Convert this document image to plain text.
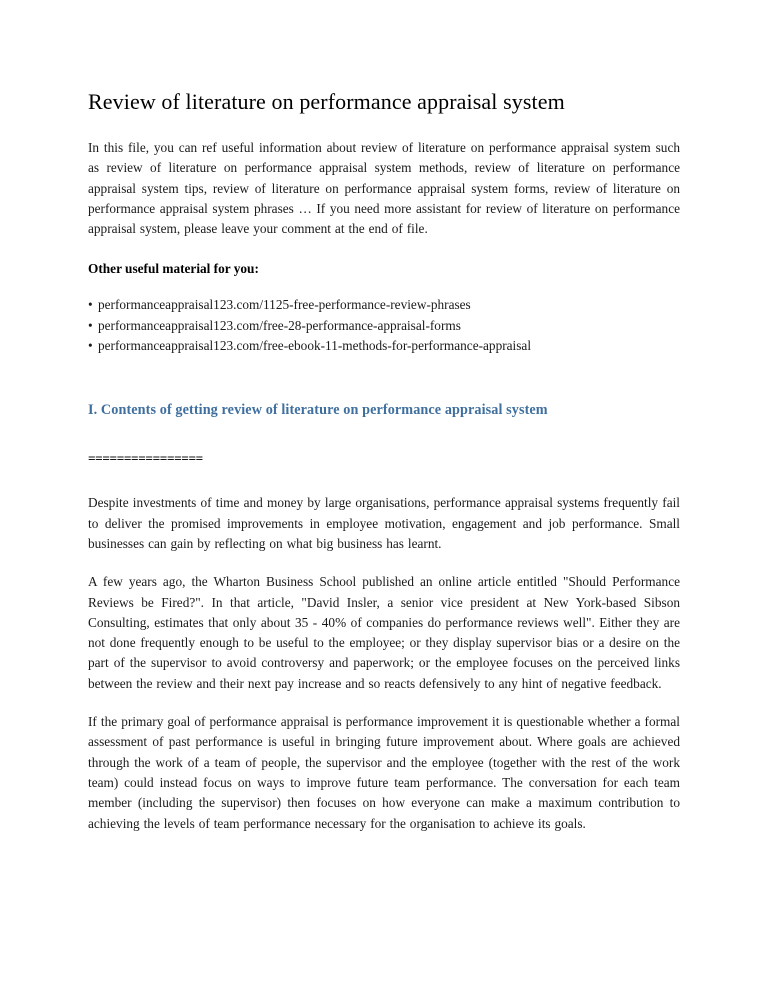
Review of literature on performance appraisal system

In this file, you can ref useful information about review of literature on performance appraisal system such as review of literature on performance appraisal system methods, review of literature on performance appraisal system tips, review of literature on performance appraisal system forms, review of literature on performance appraisal system phrases … If you need more assistant for review of literature on performance appraisal system, please leave your comment at the end of file.

Other useful material for you:
• performanceappraisal123.com/1125-free-performance-review-phrases
• performanceappraisal123.com/free-28-performance-appraisal-forms
• performanceappraisal123.com/free-ebook-11-methods-for-performance-appraisal
I. Contents of getting review of literature on performance appraisal system
================

Despite investments of time and money by large organisations, performance appraisal systems frequently fail to deliver the promised improvements in employee motivation, engagement and job performance. Small businesses can gain by reflecting on what big business has learnt.

A few years ago, the Wharton Business School published an online article entitled "Should Performance Reviews be Fired?". In that article, "David Insler, a senior vice president at New York-based Sibson Consulting, estimates that only about 35 - 40% of companies do performance reviews well". Either they are not done frequently enough to be useful to the employee; or they display supervisor bias or a desire on the part of the supervisor to avoid controversy and paperwork; or the employee focuses on the perceived links between the review and their next pay increase and so reacts defensively to any hint of negative feedback.

If the primary goal of performance appraisal is performance improvement it is questionable whether a formal assessment of past performance is useful in bringing future improvement about. Where goals are achieved through the work of a team of people, the supervisor and the employee (together with the rest of the work team) could instead focus on ways to improve future team performance. The conversation for each team member (including the supervisor) then focuses on how everyone can make a maximum contribution to achieving the levels of team performance necessary for the organisation to achieve its goals.
